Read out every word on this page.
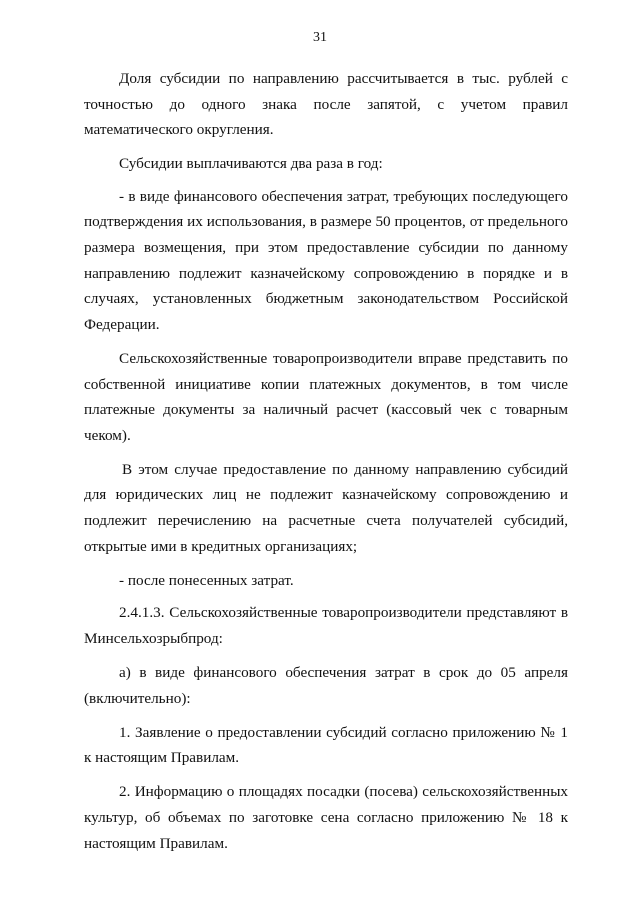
31

Доля субсидии по направлению рассчитывается в тыс. рублей с точностью до одного знака после запятой, с учетом правил математического округления.

Субсидии выплачиваются два раза в год:

- в виде финансового обеспечения затрат, требующих последующего подтверждения их использования, в размере 50 процентов, от предельного размера возмещения, при этом предоставление субсидии по данному направлению подлежит казначейскому сопровождению в порядке и в случаях, установленных бюджетным законодательством Российской Федерации.

Сельскохозяйственные товаропроизводители вправе представить по собственной инициативе копии платежных документов, в том числе платежные документы за наличный расчет (кассовый чек с товарным чеком).

В этом случае предоставление по данному направлению субсидий для юридических лиц не подлежит казначейскому сопровождению и подлежит перечислению на расчетные счета получателей субсидий, открытые ими в кредитных организациях;

- после понесенных затрат.

2.4.1.3. Сельскохозяйственные товаропроизводители представляют в Минсельхозрыбпрод:

а) в виде финансового обеспечения затрат в срок до 05 апреля (включительно):

1. Заявление о предоставлении субсидий согласно приложению № 1 к настоящим Правилам.

2. Информацию о площадях посадки (посева) сельскохозяйственных культур, об объемах по заготовке сена согласно приложению № 18 к настоящим Правилам.
